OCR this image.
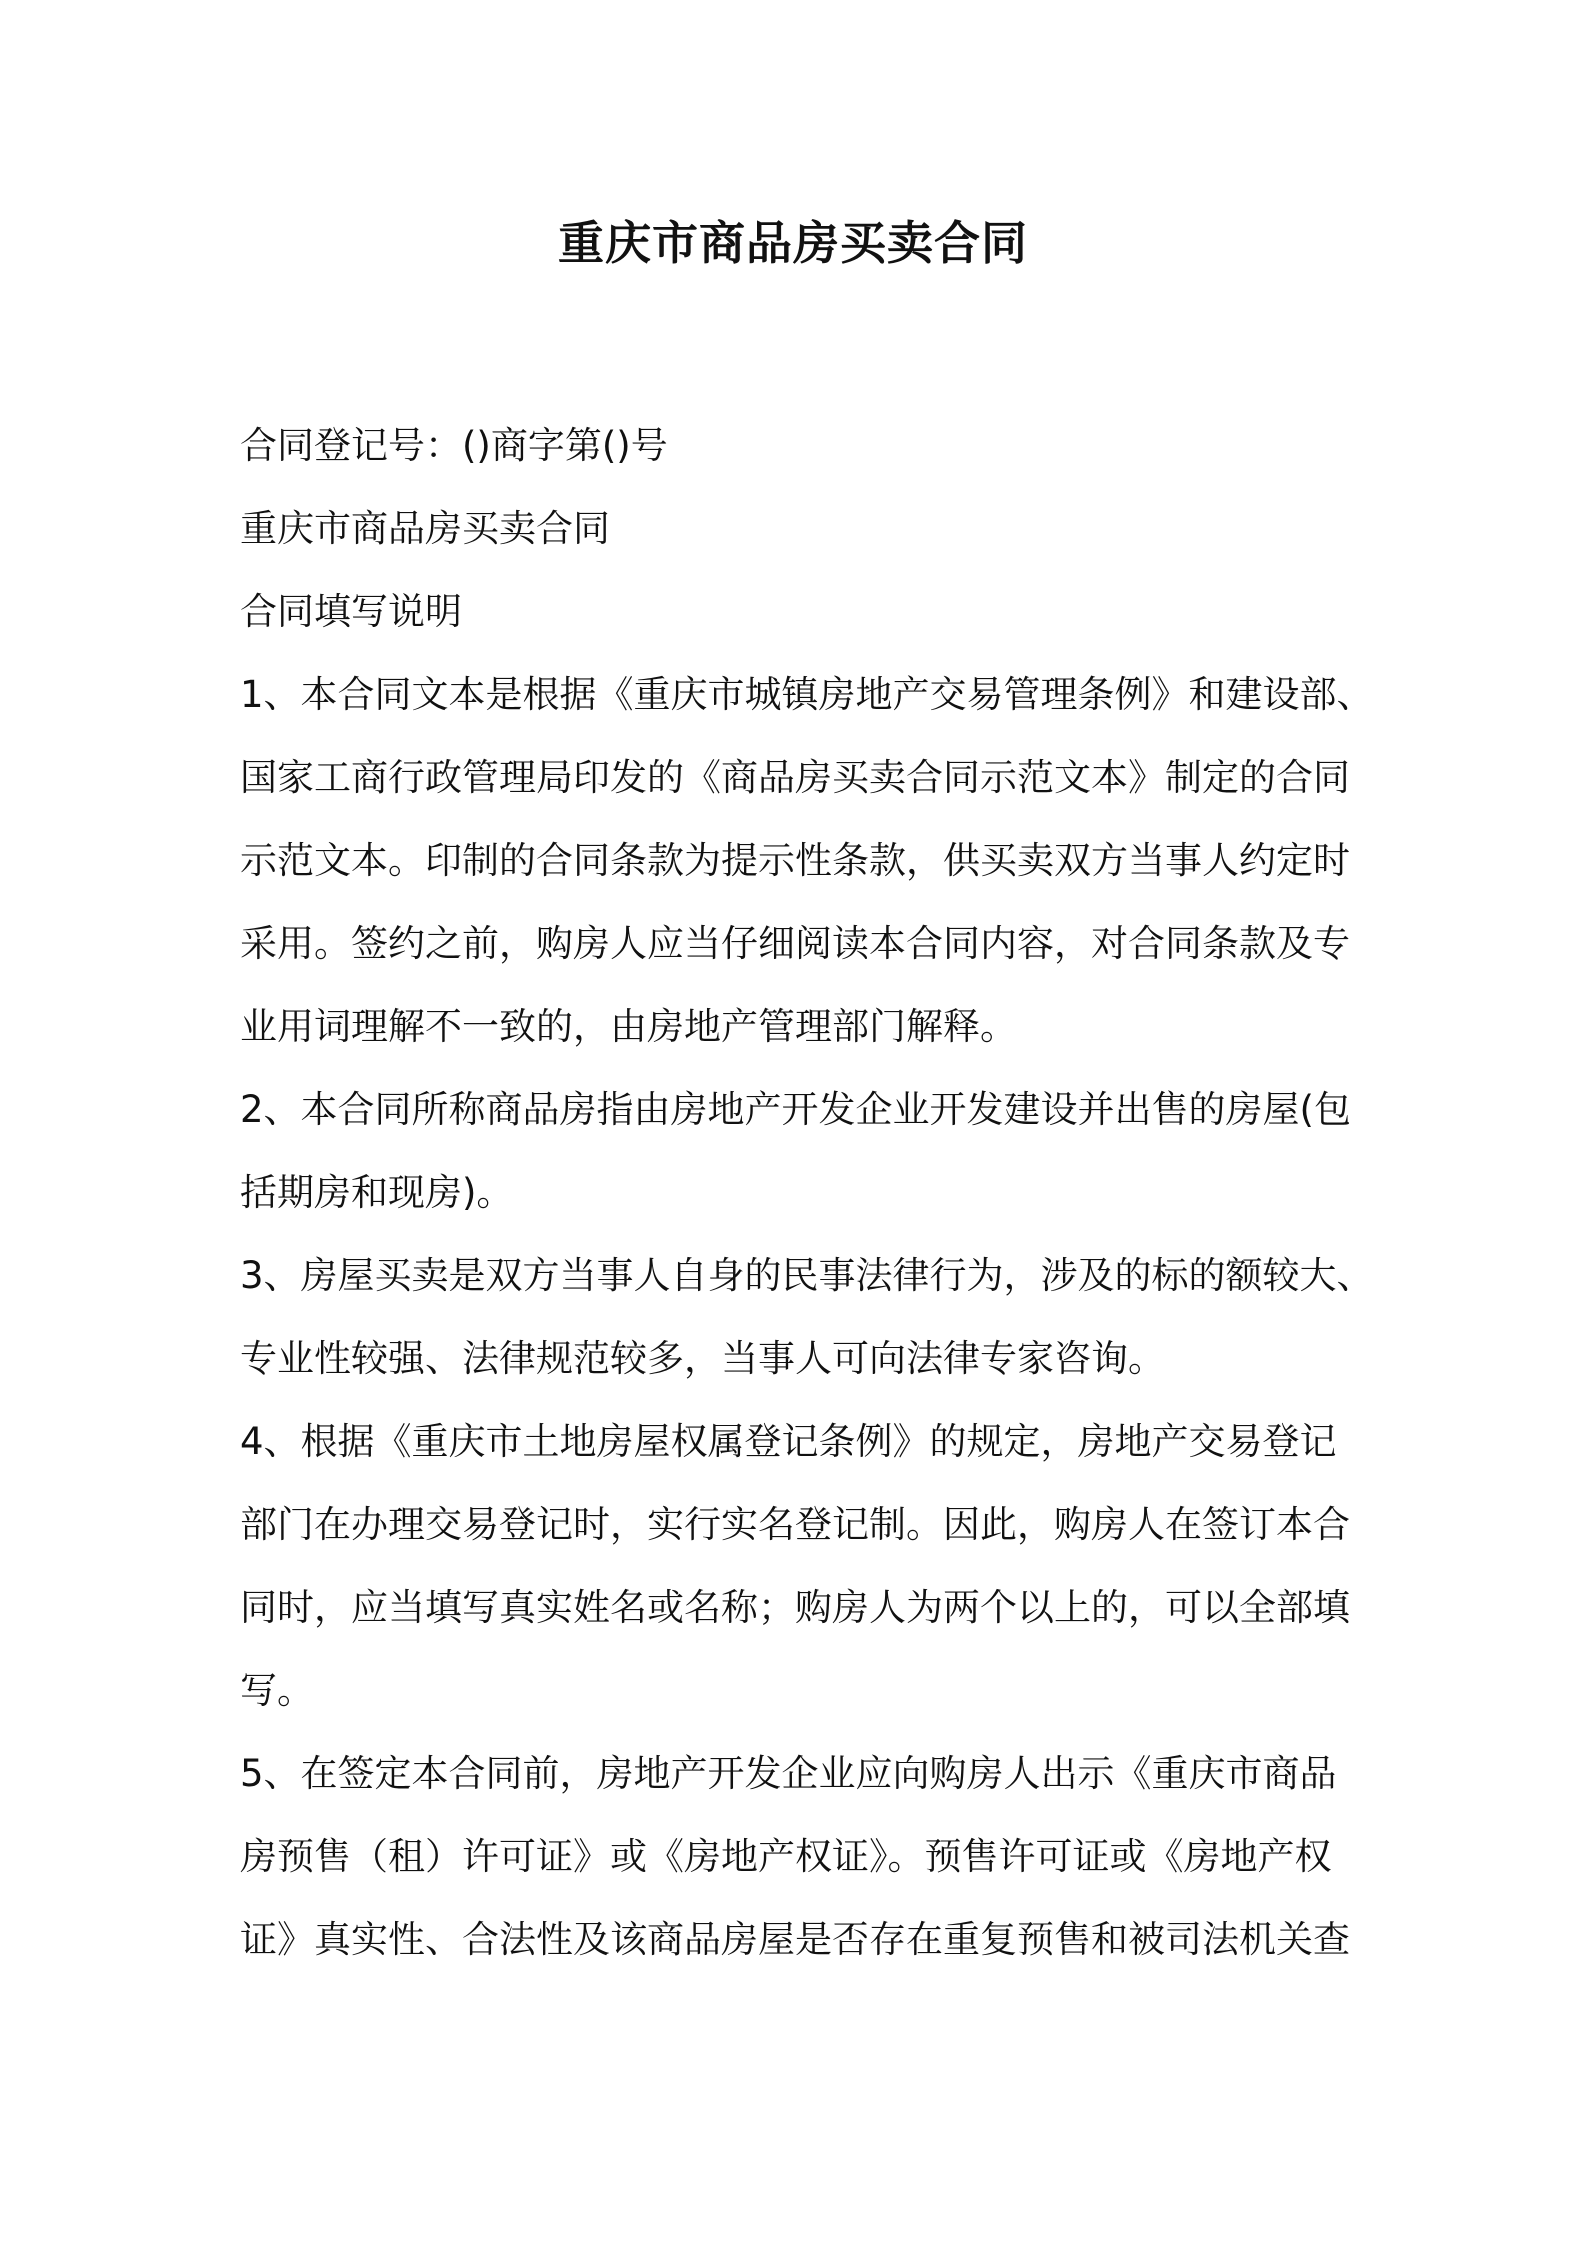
重庆市商品房买卖合同
合同登记号：()商字第()号
重庆市商品房买卖合同
合同填写说明
1、本合同文本是根据《重庆市城镇房地产交易管理条例》和建设部、
国家工商行政管理局印发的《商品房买卖合同示范文本》制定的合同
示范文本。印制的合同条款为提示性条款，供买卖双方当事人约定时
采用。签约之前，购房人应当仔细阅读本合同内容，对合同条款及专
业用词理解不一致的，由房地产管理部门解释。
2、本合同所称商品房指由房地产开发企业开发建设并出售的房屋(包
括期房和现房)。
3、房屋买卖是双方当事人自身的民事法律行为，涉及的标的额较大、
专业性较强、法律规范较多，当事人可向法律专家咨询。
4、根据《重庆市土地房屋权属登记条例》的规定，房地产交易登记
部门在办理交易登记时，实行实名登记制。因此，购房人在签订本合
同时，应当填写真实姓名或名称；购房人为两个以上的，可以全部填
写。
5、在签定本合同前，房地产开发企业应向购房人出示《重庆市商品
房预售（租）许可证》或《房地产权证》。预售许可证或《房地产权
证》真实性、合法性及该商品房屋是否存在重复预售和被司法机关查
